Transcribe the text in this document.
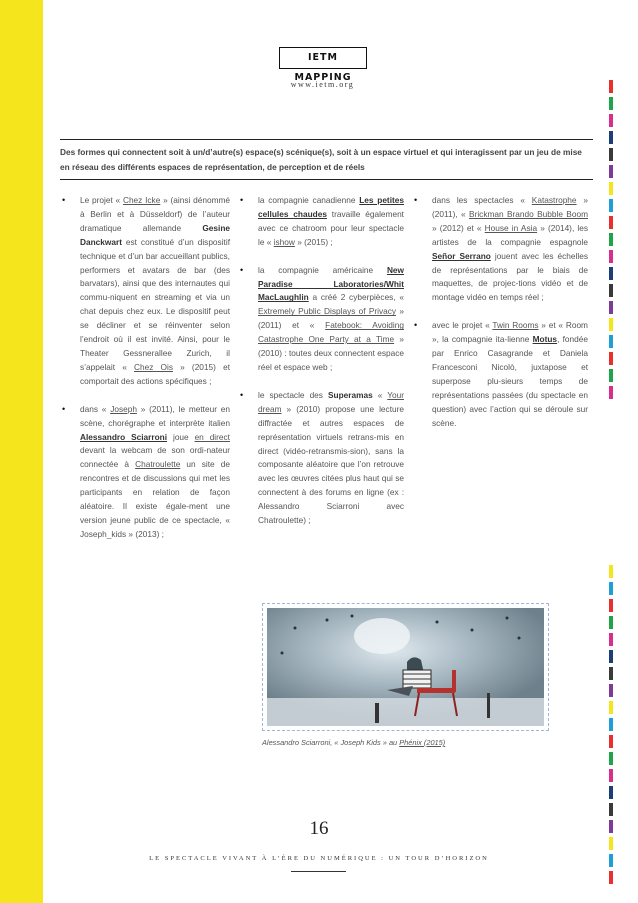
IETM MAPPING
www.ietm.org
Des formes qui connectent soit à un/d’autre(s) espace(s) scénique(s), soit à un espace virtuel et qui interagissent par un jeu de mise en réseau des différents espaces de représentation, de perception et de réels
• Le projet « Chez Icke » (ainsi dénommé à Berlin et à Düsseldorf) de l’auteur dramatique allemande Gesine Danckwart est constitué d’un dispositif technique et d’un bar accueillant publics, performers et avatars de bar (des barvatars), ainsi que des internautes qui commu-niquent en streaming et via un chat depuis chez eux. Le dispositif peut se décliner et se réinventer selon l’endroit où il est invité. Ainsi, pour le Theater Gessnerallee Zurich, il s’appelait « Chez Ois » (2015) et comportait des actions spécifiques ;
• dans « Joseph » (2011), le metteur en scène, chorégraphe et interprète italien Alessandro Sciarroni joue en direct devant la webcam de son ordi-nateur connectée à Chatroulette un site de rencontres et de discussions qui met les participants en relation de façon aléatoire. Il existe égale-ment une version jeune public de ce spectacle, « Joseph_kids » (2013) ;
• la compagnie canadienne Les petites cellules chaudes travaille également avec ce chatroom pour leur spectacle le « ishow » (2015) ;
• la compagnie américaine New Paradise Laboratories/Whit MacLaughlin a créé 2 cyberpièces, « Extremely Public Displays of Privacy » (2011) et « Fatebook: Avoiding Catastrophe One Party at a Time » (2010) : toutes deux connectent espace réel et espace web ;
• le spectacle des Superamas « Your dream » (2010) propose une lecture diffractée et autres espaces de représentation virtuels retrans-mis en direct (vidéo-retransmis-sion), sans la composante aléatoire que l’on retrouve avec les œuvres citées plus haut qui se connectent à des forums en ligne (ex : Alessandro Sciarroni avec Chatroulette) ;
• dans les spectacles « Katastrophe » (2011), « Brickman Brando Bubble Boom » (2012) et « House in Asia » (2014), les artistes de la compagnie espagnole Señor Serrano jouent avec les échelles de représentations par le biais de maquettes, de projec-tions vidéo et de montage vidéo en temps réel ;
• avec le projet « Twin Rooms » et « Room », la compagnie ita-lienne Motus, fondée par Enrico Casagrande et Daniela Francesconi Nicolò, juxtapose et superpose plu-sieurs temps de représentations passées (du spectacle en question) avec l’action qui se déroule sur scène.
Alessandro Sciarroni, « Joseph Kids » au Phénix (2015)
16
LE SPECTACLE VIVANT À L’ÈRE DU NUMÉRIQUE : UN TOUR D’HORIZON
